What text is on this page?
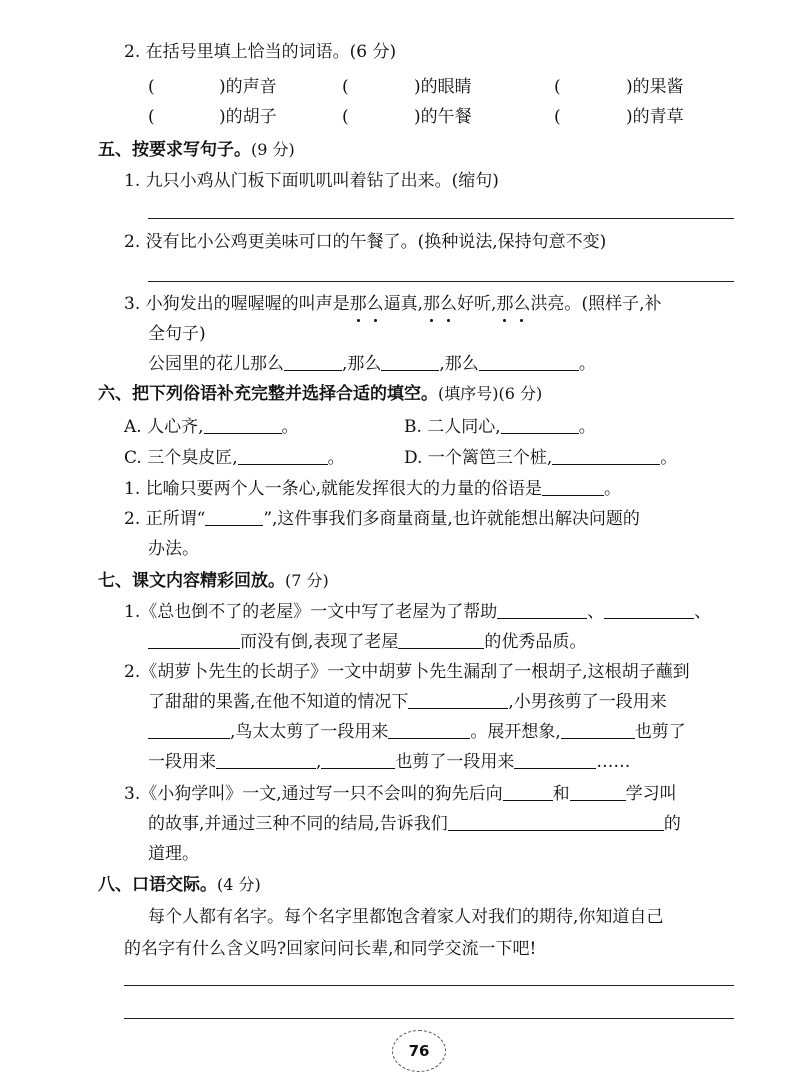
2. 在括号里填上恰当的词语。(6 分)
(	)的声音	(	)的眼睛	(	)的果酱
(	)的胡子	(	)的午餐	(	)的青草
五、按要求写句子。(9 分)
1. 九只小鸡从门板下面叽叽叫着钻了出来。(缩句)
2. 没有比小公鸡更美味可口的午餐了。(换种说法,保持句意不变)
3. 小狗发出的喔喔喔的叫声是那么
逼真,那么
好听,那么
洪亮。(照样子,补
全句子)
公园里的花儿那么	,那么	,那么	。
六、把下列俗语补充完整并选择合适的填空。(填序号)(6 分)
A. 人心齐,	。	B. 二人同心,	。
C. 三个臭皮匠,	。	D. 一个篱笆三个桩,	。
1. 比喻只要两个人一条心,就能发挥很大的力量的俗语是	。
2. 正所谓“	”,这件事我们多商量商量,也许就能想出解决问题的
办法。
七、课文内容精彩回放。(7 分)
1.《总也倒不了的老屋》一文中写了老屋为了帮助	、	、
而没有倒,表现了老屋	的优秀品质。
2.《胡萝卜先生的长胡子》一文中胡萝卜先生漏刮了一根胡子,这根胡子蘸到
了甜甜的果酱,在他不知道的情况下	,小男孩剪了一段用来
,鸟太太剪了一段用来	。展开想象,	也剪了
一段用来	,	也剪了一段用来	……
3.《小狗学叫》一文,通过写一只不会叫的狗先后向	和	学习叫
的故事,并通过三种不同的结局,告诉我们	的
道理。
八、口语交际。(4 分)
每个人都有名字。每个名字里都饱含着家人对我们的期待,你知道自己
的名字有什么含义吗?回家问问长辈,和同学交流一下吧!
76
